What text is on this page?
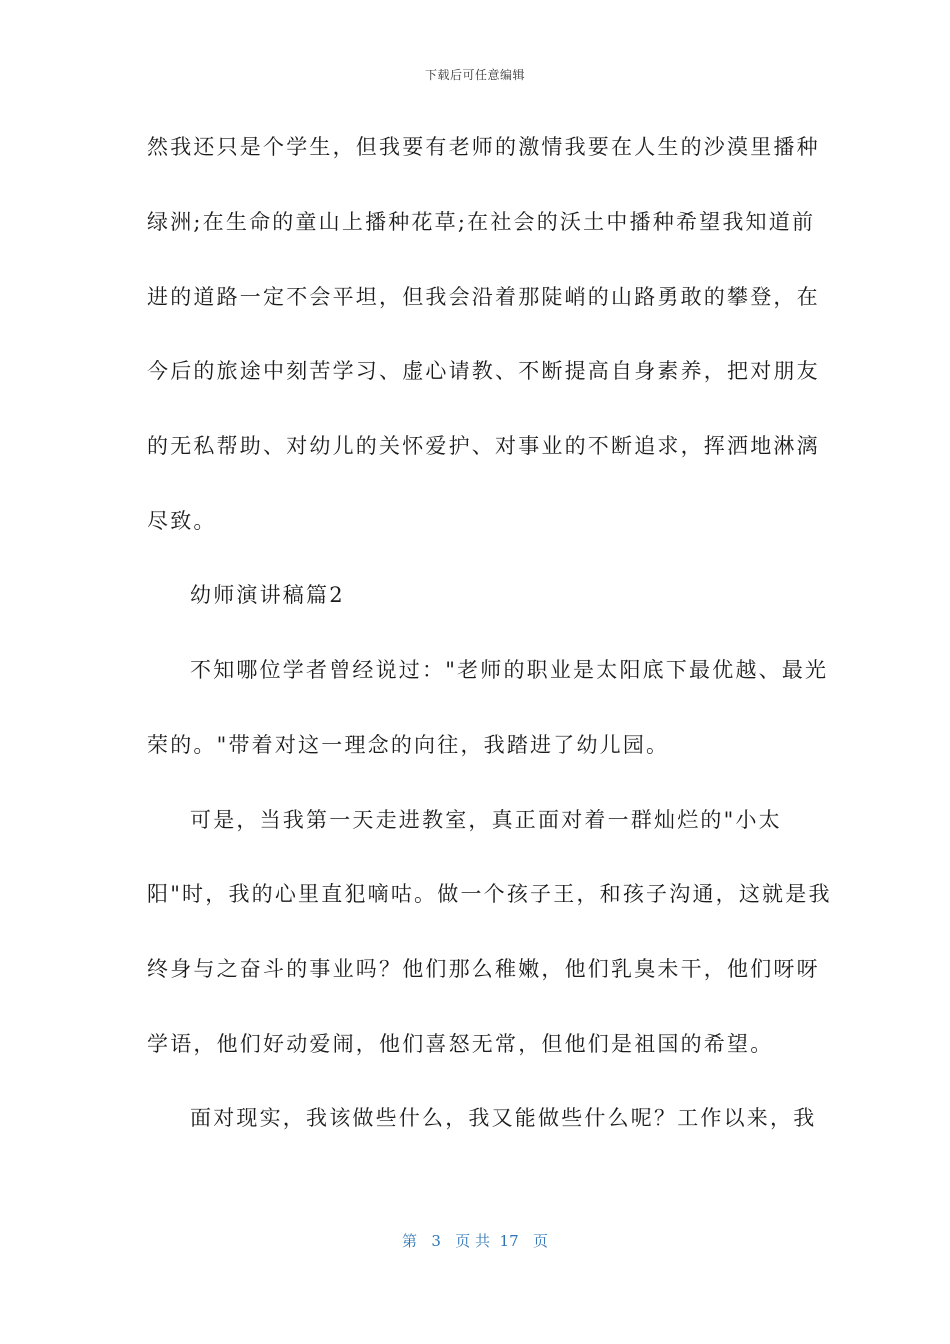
下载后可任意编辑
然我还只是个学生，但我要有老师的激情我要在人生的沙漠里播种
绿洲;在生命的童山上播种花草;在社会的沃土中播种希望我知道前
进的道路一定不会平坦，但我会沿着那陡峭的山路勇敢的攀登，在
今后的旅途中刻苦学习、虚心请教、不断提高自身素养，把对朋友
的无私帮助、对幼儿的关怀爱护、对事业的不断追求，挥洒地淋漓
尽致。
幼师演讲稿篇2
不知哪位学者曾经说过："老师的职业是太阳底下最优越、最光
荣的。"带着对这一理念的向往，我踏进了幼儿园。
可是，当我第一天走进教室，真正面对着一群灿烂的"小太
阳"时，我的心里直犯嘀咕。做一个孩子王，和孩子沟通，这就是我
终身与之奋斗的事业吗？他们那么稚嫩，他们乳臭未干，他们呀呀
学语，他们好动爱闹，他们喜怒无常，但他们是祖国的希望。
面对现实，我该做些什么，我又能做些什么呢？工作以来，我
第 3 页 共 17 页
